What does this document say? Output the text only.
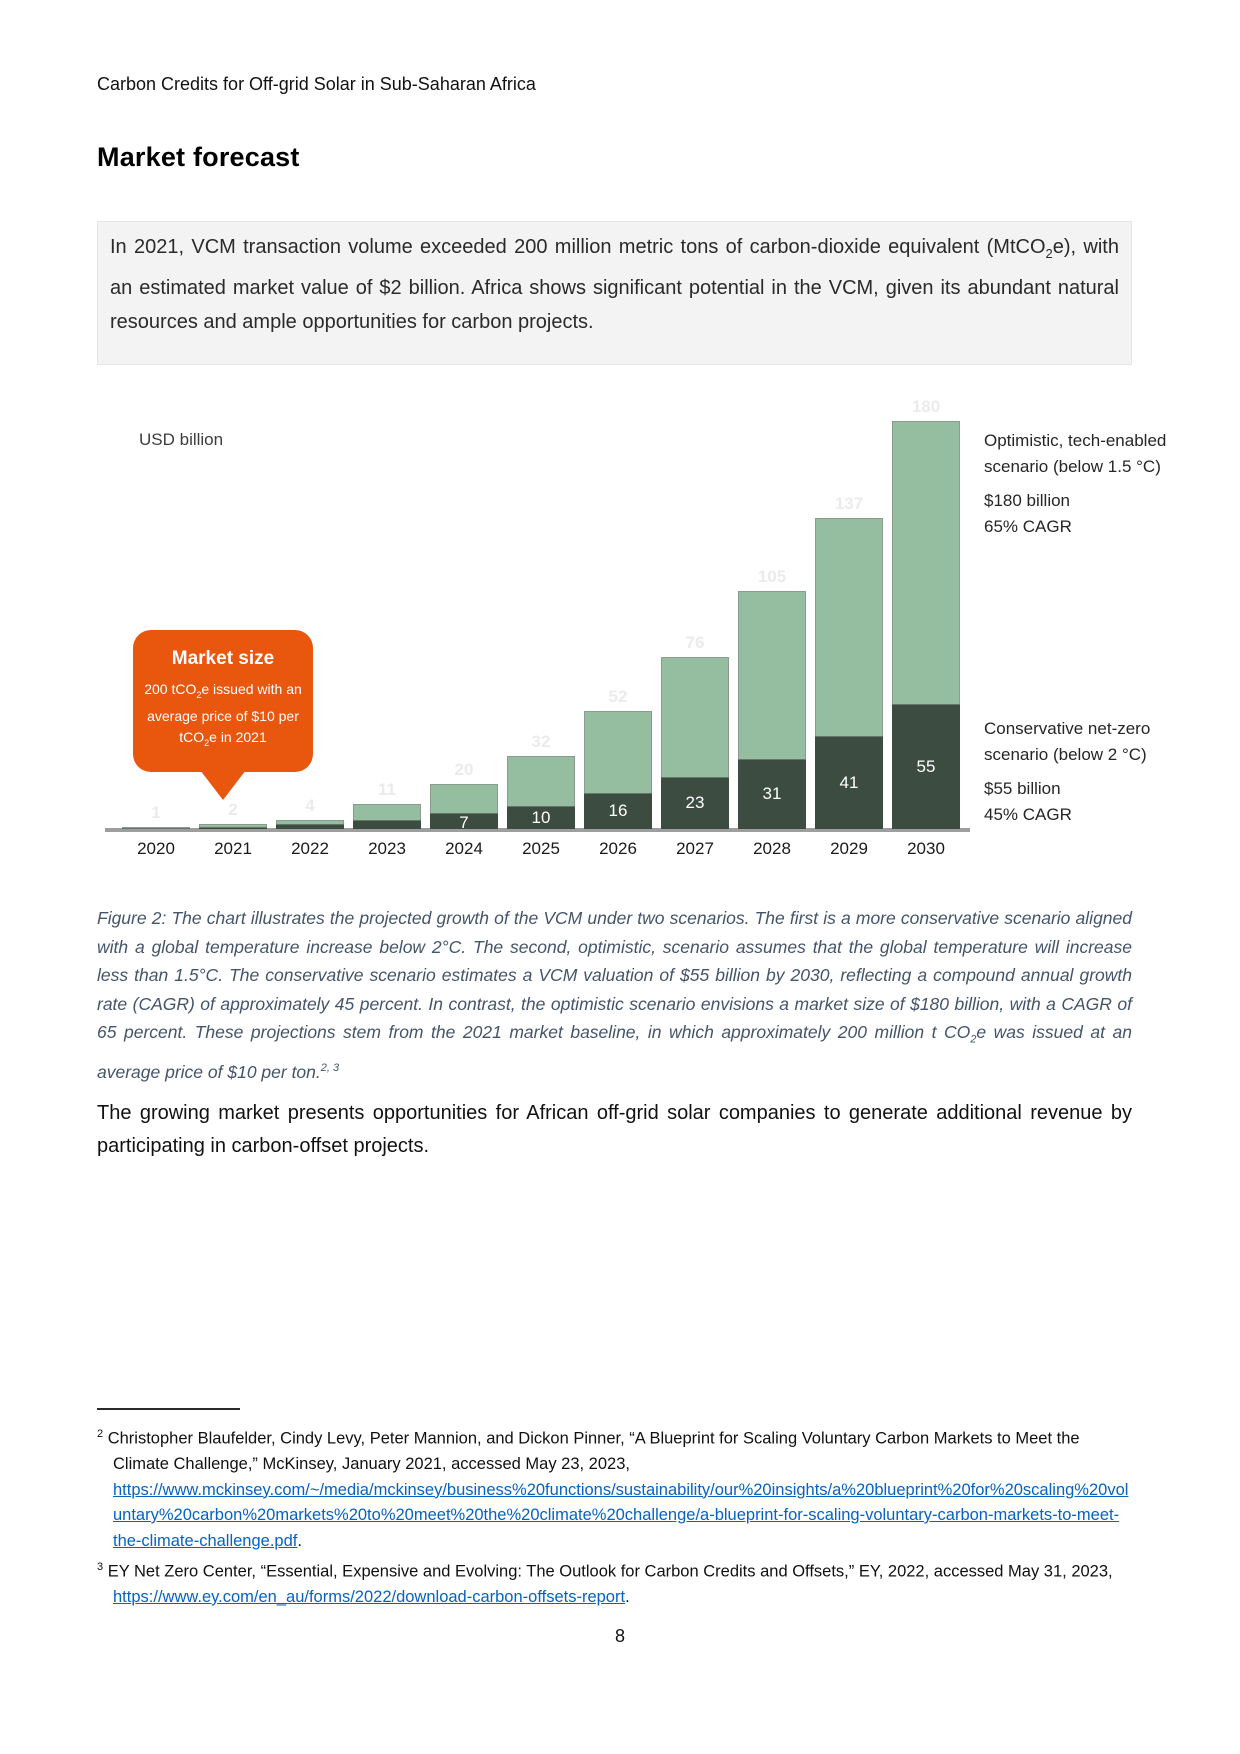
Carbon Credits for Off-grid Solar in Sub-Saharan Africa
Market forecast
In 2021, VCM transaction volume exceeded 200 million metric tons of carbon-dioxide equivalent (MtCO$_2$e), with an estimated market value of $2 billion. Africa shows significant potential in the VCM, given its abundant natural resources and ample opportunities for carbon projects.
USD billion
Market size
200 tCO$_2$e issued with an average price of $10 per tCO$_2$e in 2021
Optimistic, tech-enabled
scenario (below 1.5 °C)
$180 billion
65% CAGR
Conservative net-zero
scenario (below 2 °C)
$55 billion
45% CAGR
1
2020
2
2021
4
2022
11
2023
20
7
2024
32
10
2025
52
16
2026
76
23
2027
105
31
2028
137
41
2029
180
55
2030
Figure 2: The chart illustrates the projected growth of the VCM under two scenarios. The first is a more conservative scenario aligned with a global temperature increase below 2°C. The second, optimistic, scenario assumes that the global temperature will increase less than 1.5°C. The conservative scenario estimates a VCM valuation of $55 billion by 2030, reflecting a compound annual growth rate (CAGR) of approximately 45 percent. In contrast, the optimistic scenario envisions a market size of $180 billion, with a CAGR of 65 percent. These projections stem from the 2021 market baseline, in which approximately 200 million t $CO_2e$ was issued at an average price of $10 per ton.$^{2, 3}$
The growing market presents opportunities for African off-grid solar companies to generate additional revenue by participating in carbon-offset projects.
$^2$ Christopher Blaufelder, Cindy Levy, Peter Mannion, and Dickon Pinner, “A Blueprint for Scaling Voluntary Carbon Markets to Meet the Climate Challenge,” McKinsey, January 2021, accessed May 23, 2023, https://www.mckinsey.com/~/media/mckinsey/business%20functions/sustainability/our%20insights/a%20blueprint%20for%20scaling%20voluntary%20carbon%20markets%20to%20meet%20the%20climate%20challenge/a-blueprint-for-scaling-voluntary-carbon-markets-to-meet-the-climate-challenge.pdf.
$^3$ EY Net Zero Center, “Essential, Expensive and Evolving: The Outlook for Carbon Credits and Offsets,” EY, 2022, accessed May 31, 2023, https://www.ey.com/en_au/forms/2022/download-carbon-offsets-report.
8
